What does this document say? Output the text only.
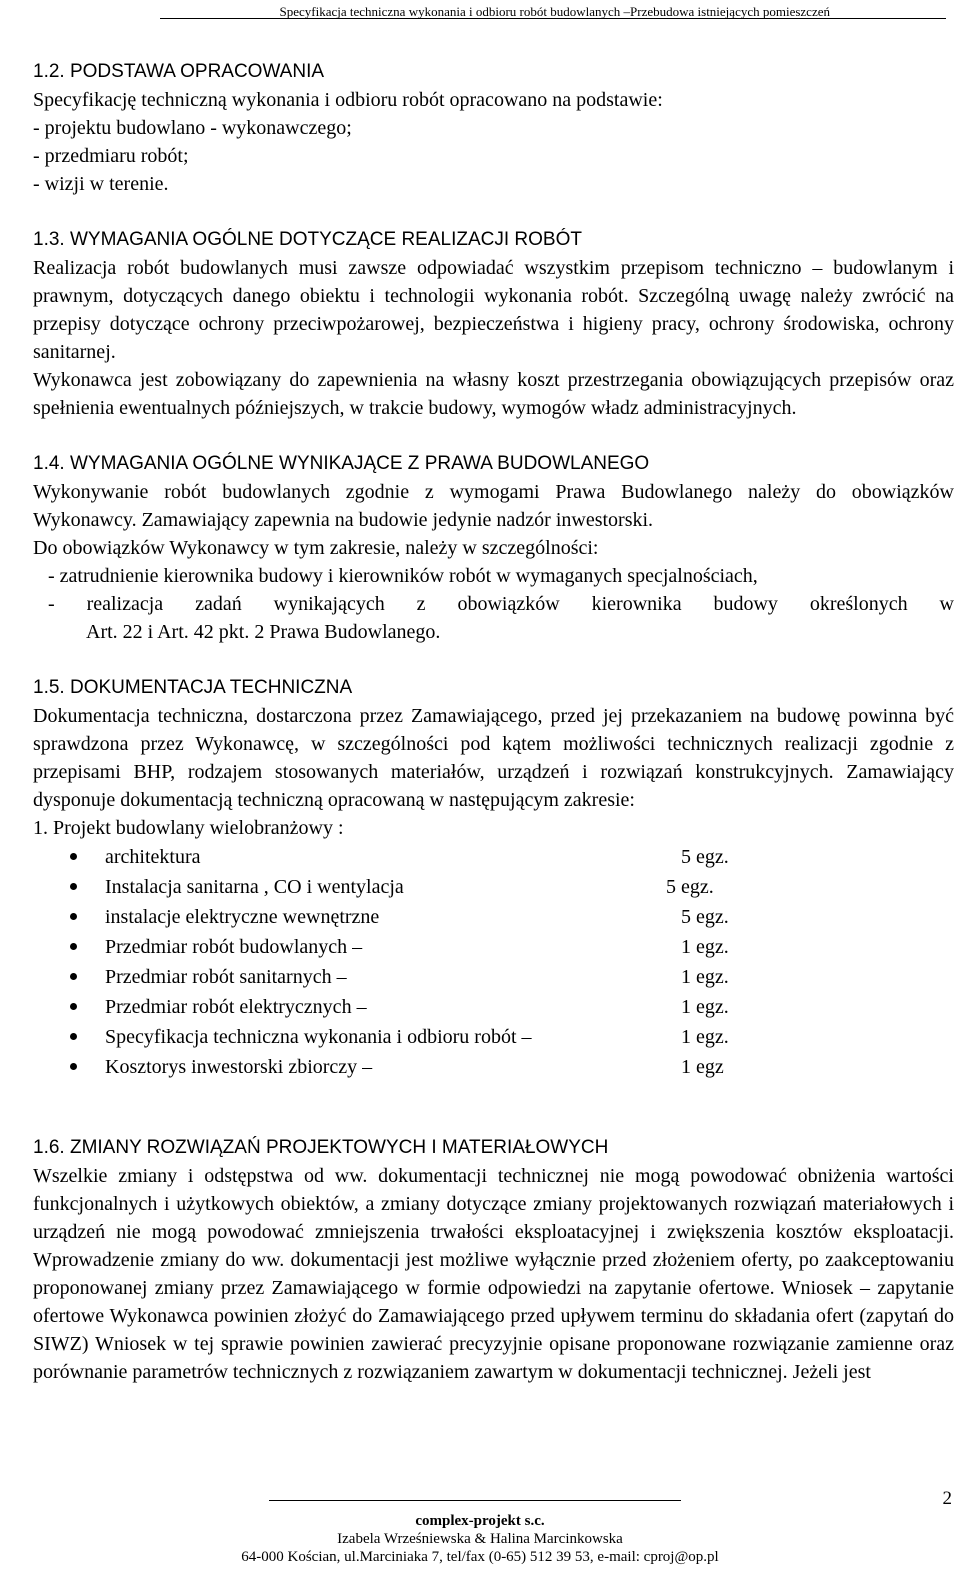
Specyfikacja techniczna wykonania i odbioru robót budowlanych –Przebudowa istniejących pomieszczeń
1.2. PODSTAWA OPRACOWANIA

Specyfikację techniczną wykonania i odbioru robót opracowano na podstawie:

- projektu budowlano - wykonawczego;

- przedmiaru robót;

- wizji w terenie.

1.3. WYMAGANIA OGÓLNE DOTYCZĄCE REALIZACJI ROBÓT

Realizacja robót budowlanych musi zawsze odpowiadać wszystkim przepisom techniczno – budowlanym i prawnym, dotyczących danego obiektu i technologii wykonania robót. Szczególną uwagę należy zwrócić na przepisy dotyczące ochrony przeciwpożarowej, bezpieczeństwa i higieny pracy, ochrony środowiska, ochrony sanitarnej.

Wykonawca jest zobowiązany do zapewnienia na własny koszt przestrzegania obowiązujących przepisów oraz spełnienia ewentualnych późniejszych, w trakcie budowy, wymogów władz administracyjnych.

1.4. WYMAGANIA OGÓLNE WYNIKAJĄCE Z PRAWA BUDOWLANEGO

Wykonywanie robót budowlanych zgodnie z wymogami Prawa Budowlanego należy do obowiązków Wykonawcy. Zamawiający zapewnia na budowie jedynie nadzór inwestorski.

Do obowiązków Wykonawcy w tym zakresie, należy w szczególności:

- zatrudnienie kierownika budowy i kierowników robót w wymaganych specjalnościach,

- realizacja zadań wynikających z obowiązków kierownika budowy określonych w

Art. 22 i Art. 42 pkt. 2 Prawa Budowlanego.

1.5. DOKUMENTACJA TECHNICZNA

Dokumentacja techniczna, dostarczona przez Zamawiającego, przed jej przekazaniem na budowę powinna być sprawdzona przez Wykonawcę, w szczególności pod kątem możliwości technicznych realizacji zgodnie z przepisami BHP, rodzajem stosowanych materiałów, urządzeń i rozwiązań konstrukcyjnych. Zamawiający dysponuje dokumentacją techniczną opracowaną w następującym zakresie:

1. Projekt budowlany wielobranżowy :

architektura	5 egz.
Instalacja sanitarna , CO i wentylacja	5 egz.
instalacje elektryczne wewnętrzne	5 egz.
Przedmiar robót budowlanych –	1 egz.
Przedmiar robót sanitarnych –	1 egz.
Przedmiar robót elektrycznych –	1 egz.
Specyfikacja techniczna wykonania i odbioru robót –	1 egz.
Kosztorys inwestorski zbiorczy –	1 egz
1.6. ZMIANY ROZWIĄZAŃ PROJEKTOWYCH I MATERIAŁOWYCH

Wszelkie zmiany i odstępstwa od ww. dokumentacji technicznej nie mogą powodować obniżenia wartości funkcjonalnych i użytkowych obiektów, a zmiany dotyczące zmiany projektowanych rozwiązań materiałowych i urządzeń nie mogą powodować zmniejszenia trwałości eksploatacyjnej i zwiększenia kosztów eksploatacji. Wprowadzenie zmiany do ww. dokumentacji jest możliwe wyłącznie przed złożeniem oferty, po zaakceptowaniu proponowanej zmiany przez Zamawiającego w formie odpowiedzi na zapytanie ofertowe. Wniosek – zapytanie ofertowe Wykonawca powinien złożyć do Zamawiającego przed upływem terminu do składania ofert (zapytań do SIWZ) Wniosek w tej sprawie powinien zawierać precyzyjnie opisane proponowane rozwiązanie zamienne oraz porównanie parametrów technicznych z rozwiązaniem zawartym w dokumentacji technicznej. Jeżeli jest

2
complex-projekt s.c.
Izabela Wrześniewska & Halina Marcinkowska
64-000 Kościan, ul.Marciniaka 7, tel/fax (0-65) 512 39 53, e-mail: cproj@op.pl
